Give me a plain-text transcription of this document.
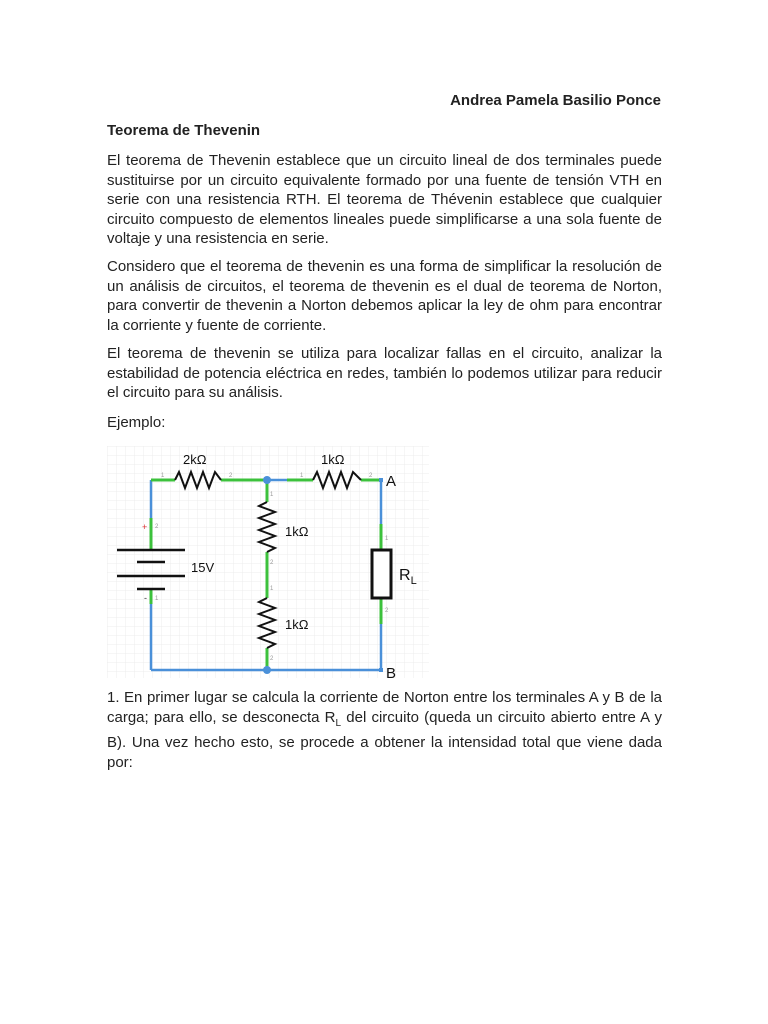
Andrea Pamela Basilio Ponce
Teorema de Thevenin

El teorema de Thevenin establece que un circuito lineal de dos terminales puede sustituirse por un circuito equivalente formado por una fuente de tensión VTH en serie con una resistencia RTH. El teorema de Thévenin establece que cualquier circuito compuesto de elementos lineales puede simplificarse a una sola fuente de voltaje y una resistencia en serie.

Considero que el teorema de thevenin es una forma de simplificar la resolución de un análisis de circuitos, el teorema de thevenin es el dual de teorema de Norton, para convertir de thevenin a Norton debemos aplicar la ley de ohm para encontrar la corriente y fuente de corriente.

El teorema de thevenin se utiliza para localizar fallas en el circuito, analizar la estabilidad de potencia eléctrica en redes, también lo podemos utilizar para reducir el circuito para su análisis.

Ejemplo:

2kΩ	1kΩ
1kΩ
1kΩ
15V	$R_L$
A
B
1	2	1	2
2
1
1
2
1
2
1
2
+
-

1. En primer lugar se calcula la corriente de Norton entre los terminales A y B de la carga; para ello, se desconecta $R_L$ del circuito (queda un circuito abierto entre A y B). Una vez hecho esto, se procede a obtener la intensidad total que viene dada por:
